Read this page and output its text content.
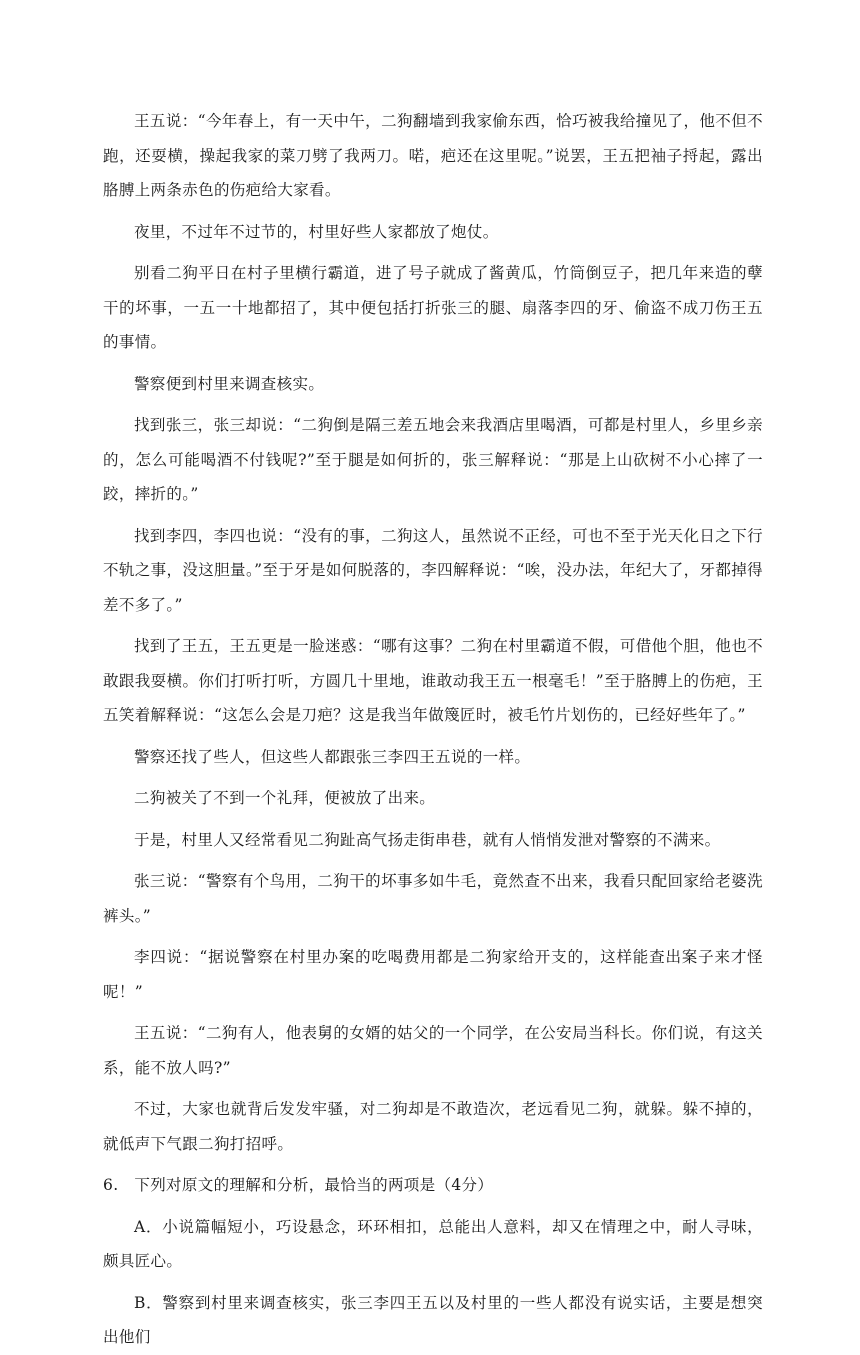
王五说：“今年春上，有一天中午，二狗翻墙到我家偷东西，恰巧被我给撞见了，他不但不跑，还耍横，操起我家的菜刀劈了我两刀。喏，疤还在这里呢。”说罢，王五把袖子捋起，露出胳膊上两条赤色的伤疤给大家看。

夜里，不过年不过节的，村里好些人家都放了炮仗。

别看二狗平日在村子里横行霸道，进了号子就成了酱黄瓜，竹筒倒豆子，把几年来造的孽干的坏事，一五一十地都招了，其中便包括打折张三的腿、扇落李四的牙、偷盗不成刀伤王五的事情。

警察便到村里来调查核实。

找到张三，张三却说：“二狗倒是隔三差五地会来我酒店里喝酒，可都是村里人，乡里乡亲的，怎么可能喝酒不付钱呢?”至于腿是如何折的，张三解释说：“那是上山砍树不小心摔了一跤，摔折的。”

找到李四，李四也说：“没有的事，二狗这人，虽然说不正经，可也不至于光天化日之下行不轨之事，没这胆量。”至于牙是如何脱落的，李四解释说：“唉，没办法，年纪大了，牙都掉得差不多了。”

找到了王五，王五更是一脸迷惑：“哪有这事？二狗在村里霸道不假，可借他个胆，他也不敢跟我耍横。你们打听打听，方圆几十里地，谁敢动我王五一根毫毛！”至于胳膊上的伤疤，王五笑着解释说：“这怎么会是刀疤？这是我当年做篾匠时，被毛竹片划伤的，已经好些年了。”

警察还找了些人，但这些人都跟张三李四王五说的一样。

二狗被关了不到一个礼拜，便被放了出来。

于是，村里人又经常看见二狗趾高气扬走街串巷，就有人悄悄发泄对警察的不满来。

张三说：“警察有个鸟用，二狗干的坏事多如牛毛，竟然查不出来，我看只配回家给老婆洗裤头。”

李四说：“据说警察在村里办案的吃喝费用都是二狗家给开支的，这样能查出案子来才怪呢！”

王五说：“二狗有人，他表舅的女婿的姑父的一个同学，在公安局当科长。你们说，有这关系，能不放人吗?”

不过，大家也就背后发发牢骚，对二狗却是不敢造次，老远看见二狗，就躲。躲不掉的，就低声下气跟二狗打招呼。

6.　下列对原文的理解和分析，最恰当的两项是（4分）

A．小说篇幅短小，巧设悬念，环环相扣，总能出人意料，却又在情理之中，耐人寻味，颇具匠心。

B．警察到村里来调查核实，张三李四王五以及村里的一些人都没有说实话，主要是想突出他们
